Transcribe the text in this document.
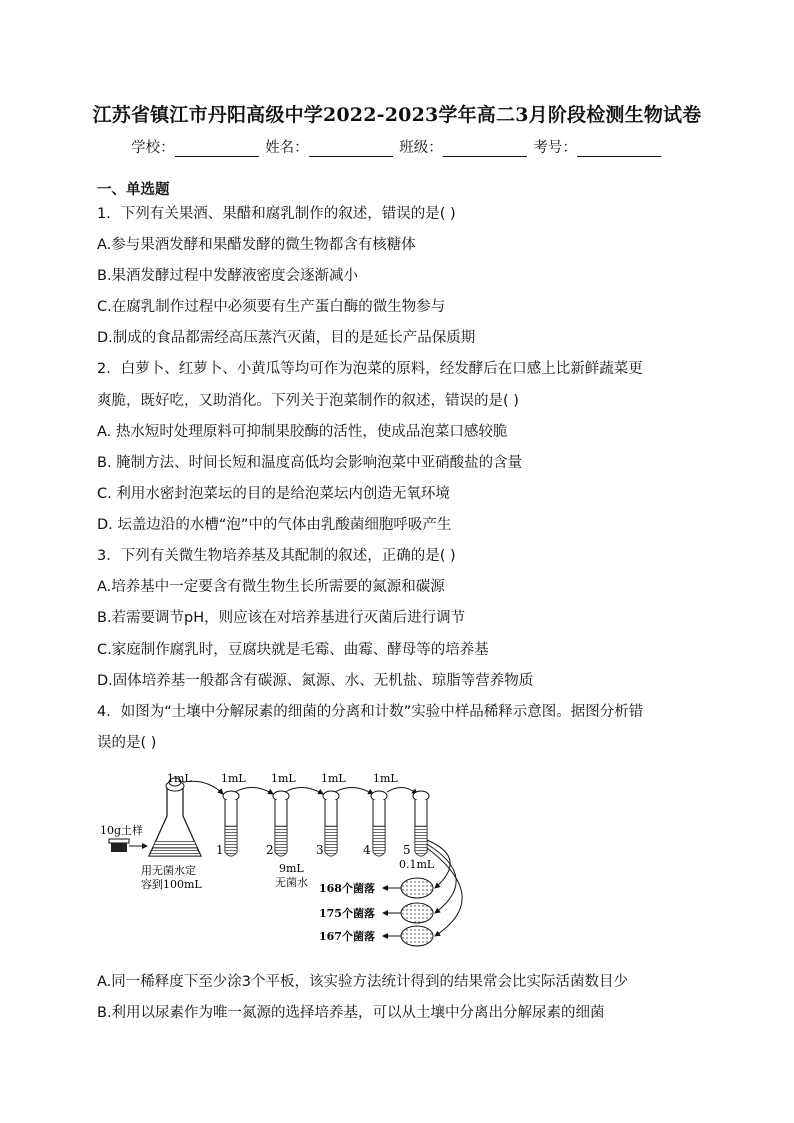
江苏省镇江市丹阳高级中学2022-2023学年高二3月阶段检测生物试卷
学校：	姓名：	班级：	考号：
一、单选题
1．下列有关果酒、果醋和腐乳制作的叙述，错误的是( )
A.参与果酒发酵和果醋发酵的微生物都含有核糖体
B.果酒发酵过程中发酵液密度会逐渐减小
C.在腐乳制作过程中必须要有生产蛋白酶的微生物参与
D.制成的食品都需经高压蒸汽灭菌，目的是延长产品保质期
2．白萝卜、红萝卜、小黄瓜等均可作为泡菜的原料，经发酵后在口感上比新鲜蔬菜更
爽脆，既好吃，又助消化。下列关于泡菜制作的叙述，错误的是( )
A. 热水短时处理原料可抑制果胶酶的活性，使成品泡菜口感较脆
B. 腌制方法、时间长短和温度高低均会影响泡菜中亚硝酸盐的含量
C. 利用水密封泡菜坛的目的是给泡菜坛内创造无氧环境
D. 坛盖边沿的水槽“泡”中的气体由乳酸菌细胞呼吸产生
3．下列有关微生物培养基及其配制的叙述，正确的是( )
A.培养基中一定要含有微生物生长所需要的氮源和碳源
B.若需要调节pH，则应该在对培养基进行灭菌后进行调节
C.家庭制作腐乳时，豆腐块就是毛霉、曲霉、酵母等的培养基
D.固体培养基一般都含有碳源、氮源、水、无机盐、琼脂等营养物质
4．如图为“土壤中分解尿素的细菌的分离和计数”实验中样品稀释示意图。据图分析错
误的是( )
10g土样
用无菌水定
容到100mL
1mL	1mL 1mL 1mL 1mL
1	2	3	4	5
9mL
无菌水
0.1mL
168个菌落
175个菌落
167个菌落
A.同一稀释度下至少涂3个平板，该实验方法统计得到的结果常会比实际活菌数目少
B.利用以尿素作为唯一氮源的选择培养基，可以从土壤中分离出分解尿素的细菌
